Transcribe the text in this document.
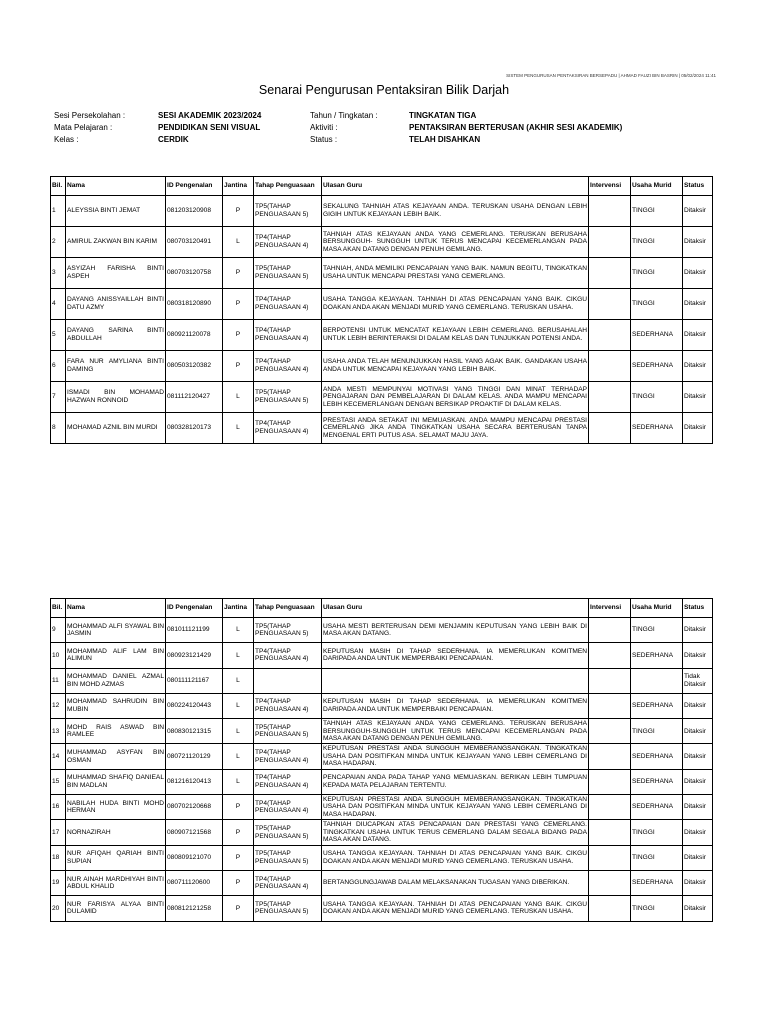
SISTEM PENGURUSAN PENTAKSIRAN BERSEPADU | AHMAD FAUZI BIN BASRIN | 05/02/2024 11:41
Senarai Pengurusan Pentaksiran Bilik Darjah
Sesi Persekolahan :	SESI AKADEMIK 2023/2024
Mata Pelajaran :	PENDIDIKAN SENI VISUAL
Kelas :	CERDIK
Tahun / Tingkatan :	TINGKATAN TIGA
Aktiviti :	PENTAKSIRAN BERTERUSAN (AKHIR SESI AKADEMIK)
Status :	TELAH DISAHKAN
Bil.	Nama	ID Pengenalan	Jantina	Tahap Penguasaan	Ulasan Guru	Intervensi	Usaha Murid	Status
1	ALEYSSIA BINTI JEMAT	081203120908	P	TP5(TAHAP PENGUASAAN 5)	SEKALUNG TAHNIAH ATAS KEJAYAAN ANDA. TERUSKAN USAHA DENGAN LEBIH GIGIH UNTUK KEJAYAAN LEBIH BAIK.		TINGGI	Ditaksir
2	AMIRUL ZAKWAN BIN KARIM	080703120491	L	TP4(TAHAP PENGUASAAN 4)	TAHNIAH ATAS KEJAYAAN ANDA YANG CEMERLANG. TERUSKAN BERUSAHA BERSUNGGUH- SUNGGUH UNTUK TERUS MENCAPAI KECEMERLANGAN PADA MASA AKAN DATANG DENGAN PENUH GEMILANG.		TINGGI	Ditaksir
3	ASYIZAH FARISHA BINTI ASPEH	080703120758	P	TP5(TAHAP PENGUASAAN 5)	TAHNIAH, ANDA MEMILIKI PENCAPAIAN YANG BAIK. NAMUN BEGITU, TINGKATKAN USAHA UNTUK MENCAPAI PRESTASI YANG CEMERLANG.		TINGGI	Ditaksir
4	DAYANG ANISSYAILLAH BINTI DATU AZMY	080318120890	P	TP4(TAHAP PENGUASAAN 4)	USAHA TANGGA KEJAYAAN. TAHNIAH DI ATAS PENCAPAIAN YANG BAIK. CIKGU DOAKAN ANDA AKAN MENJADI MURID YANG CEMERLANG. TERUSKAN USAHA.		TINGGI	Ditaksir
5	DAYANG SARINA BINTI ABDULLAH	080921120078	P	TP4(TAHAP PENGUASAAN 4)	BERPOTENSI UNTUK MENCATAT KEJAYAAN LEBIH CEMERLANG. BERUSAHALAH UNTUK LEBIH BERINTERAKSI DI DALAM KELAS DAN TUNJUKKAN POTENSI ANDA.		SEDERHANA	Ditaksir
6	FARA NUR AMYLIANA BINTI DAMING	080503120382	P	TP4(TAHAP PENGUASAAN 4)	USAHA ANDA TELAH MENUNJUKKAN HASIL YANG AGAK BAIK. GANDAKAN USAHA ANDA UNTUK MENCAPAI KEJAYAAN YANG LEBIH BAIK.		SEDERHANA	Ditaksir
7	ISMADI BIN MOHAMAD HAZWAN RONNOID	081112120427	L	TP5(TAHAP PENGUASAAN 5)	ANDA MESTI MEMPUNYAI MOTIVASI YANG TINGGI DAN MINAT TERHADAP PENGAJARAN DAN PEMBELAJARAN DI DALAM KELAS. ANDA MAMPU MENCAPAI LEBIH KECEMERLANGAN DENGAN BERSIKAP PROAKTIF DI DALAM KELAS.		TINGGI	Ditaksir
8	MOHAMAD AZNIL BIN MURDI	080328120173	L	TP4(TAHAP PENGUASAAN 4)	PRESTASI ANDA SETAKAT INI MEMUASKAN. ANDA MAMPU MENCAPAI PRESTASI CEMERLANG JIKA ANDA TINGKATKAN USAHA SECARA BERTERUSAN TANPA MENGENAL ERTI PUTUS ASA. SELAMAT MAJU JAYA.		SEDERHANA	Ditaksir
Bil.	Nama	ID Pengenalan	Jantina	Tahap Penguasaan	Ulasan Guru	Intervensi	Usaha Murid	Status
9	MOHAMMAD ALFI SYAWAL BIN JASMIN	081011121199	L	TP5(TAHAP PENGUASAAN 5)	USAHA MESTI BERTERUSAN DEMI MENJAMIN KEPUTUSAN YANG LEBIH BAIK DI MASA AKAN DATANG.		TINGGI	Ditaksir
10	MOHAMMAD ALIF LAM BIN ALIMUN	080923121429	L	TP4(TAHAP PENGUASAAN 4)	KEPUTUSAN MASIH DI TAHAP SEDERHANA. IA MEMERLUKAN KOMITMEN DARIPADA ANDA UNTUK MEMPERBAIKI PENCAPAIAN.		SEDERHANA	Ditaksir
11	MOHAMMAD DANIEL AZMAL BIN MOHD AZMAS	080111121167	L					Tidak Ditaksir
12	MOHAMMAD SAHRUDIN BIN MUBIN	080224120443	L	TP4(TAHAP PENGUASAAN 4)	KEPUTUSAN MASIH DI TAHAP SEDERHANA. IA MEMERLUKAN KOMITMEN DARIPADA ANDA UNTUK MEMPERBAIKI PENCAPAIAN.		SEDERHANA	Ditaksir
13	MOHD RAIS ASWAD BIN RAMLEE	080830121315	L	TP5(TAHAP PENGUASAAN 5)	TAHNIAH ATAS KEJAYAAN ANDA YANG CEMERLANG. TERUSKAN BERUSAHA BERSUNGGUH-SUNGGUH UNTUK TERUS MENCAPAI KECEMERLANGAN PADA MASA AKAN DATANG DENGAN PENUH GEMILANG.		TINGGI	Ditaksir
14	MUHAMMAD ASYFAN BIN OSMAN	080721120129	L	TP4(TAHAP PENGUASAAN 4)	KEPUTUSAN PRESTASI ANDA SUNGGUH MEMBERANGSANGKAN. TINGKATKAN USAHA DAN POSITIFKAN MINDA UNTUK KEJAYAAN YANG LEBIH CEMERLANG DI MASA HADAPAN.		SEDERHANA	Ditaksir
15	MUHAMMAD SHAFIQ DANIEAL BIN MADLAN	081216120413	L	TP4(TAHAP PENGUASAAN 4)	PENCAPAIAN ANDA PADA TAHAP YANG MEMUASKAN. BERIKAN LEBIH TUMPUAN KEPADA MATA PELAJARAN TERTENTU.		SEDERHANA	Ditaksir
16	NABILAH HUDA BINTI MOHD HERMAN	080702120668	P	TP4(TAHAP PENGUASAAN 4)	KEPUTUSAN PRESTASI ANDA SUNGGUH MEMBERANGSANGKAN. TINGKATKAN USAHA DAN POSITIFKAN MINDA UNTUK KEJAYAAN YANG LEBIH CEMERLANG DI MASA HADAPAN.		SEDERHANA	Ditaksir
17	NORNAZIRAH	080907121568	P	TP5(TAHAP PENGUASAAN 5)	TAHNIAH DIUCAPKAN ATAS PENCAPAIAN DAN PRESTASI YANG CEMERLANG. TINGKATKAN USAHA UNTUK TERUS CEMERLANG DALAM SEGALA BIDANG PADA MASA AKAN DATANG.		TINGGI	Ditaksir
18	NUR AFIQAH QARIAH BINTI SUPIAN	080809121070	P	TP5(TAHAP PENGUASAAN 5)	USAHA TANGGA KEJAYAAN. TAHNIAH DI ATAS PENCAPAIAN YANG BAIK. CIKGU DOAKAN ANDA AKAN MENJADI MURID YANG CEMERLANG. TERUSKAN USAHA.		TINGGI	Ditaksir
19	NUR AINAH MARDHIYAH BINTI ABDUL KHALID	080711120600	P	TP4(TAHAP PENGUASAAN 4)	BERTANGGUNGJAWAB DALAM MELAKSANAKAN TUGASAN YANG DIBERIKAN.		SEDERHANA	Ditaksir
20	NUR FARISYA ALYAA BINTI DULAMID	080812121258	P	TP5(TAHAP PENGUASAAN 5)	USAHA TANGGA KEJAYAAN. TAHNIAH DI ATAS PENCAPAIAN YANG BAIK. CIKGU DOAKAN ANDA AKAN MENJADI MURID YANG CEMERLANG. TERUSKAN USAHA.		TINGGI	Ditaksir
